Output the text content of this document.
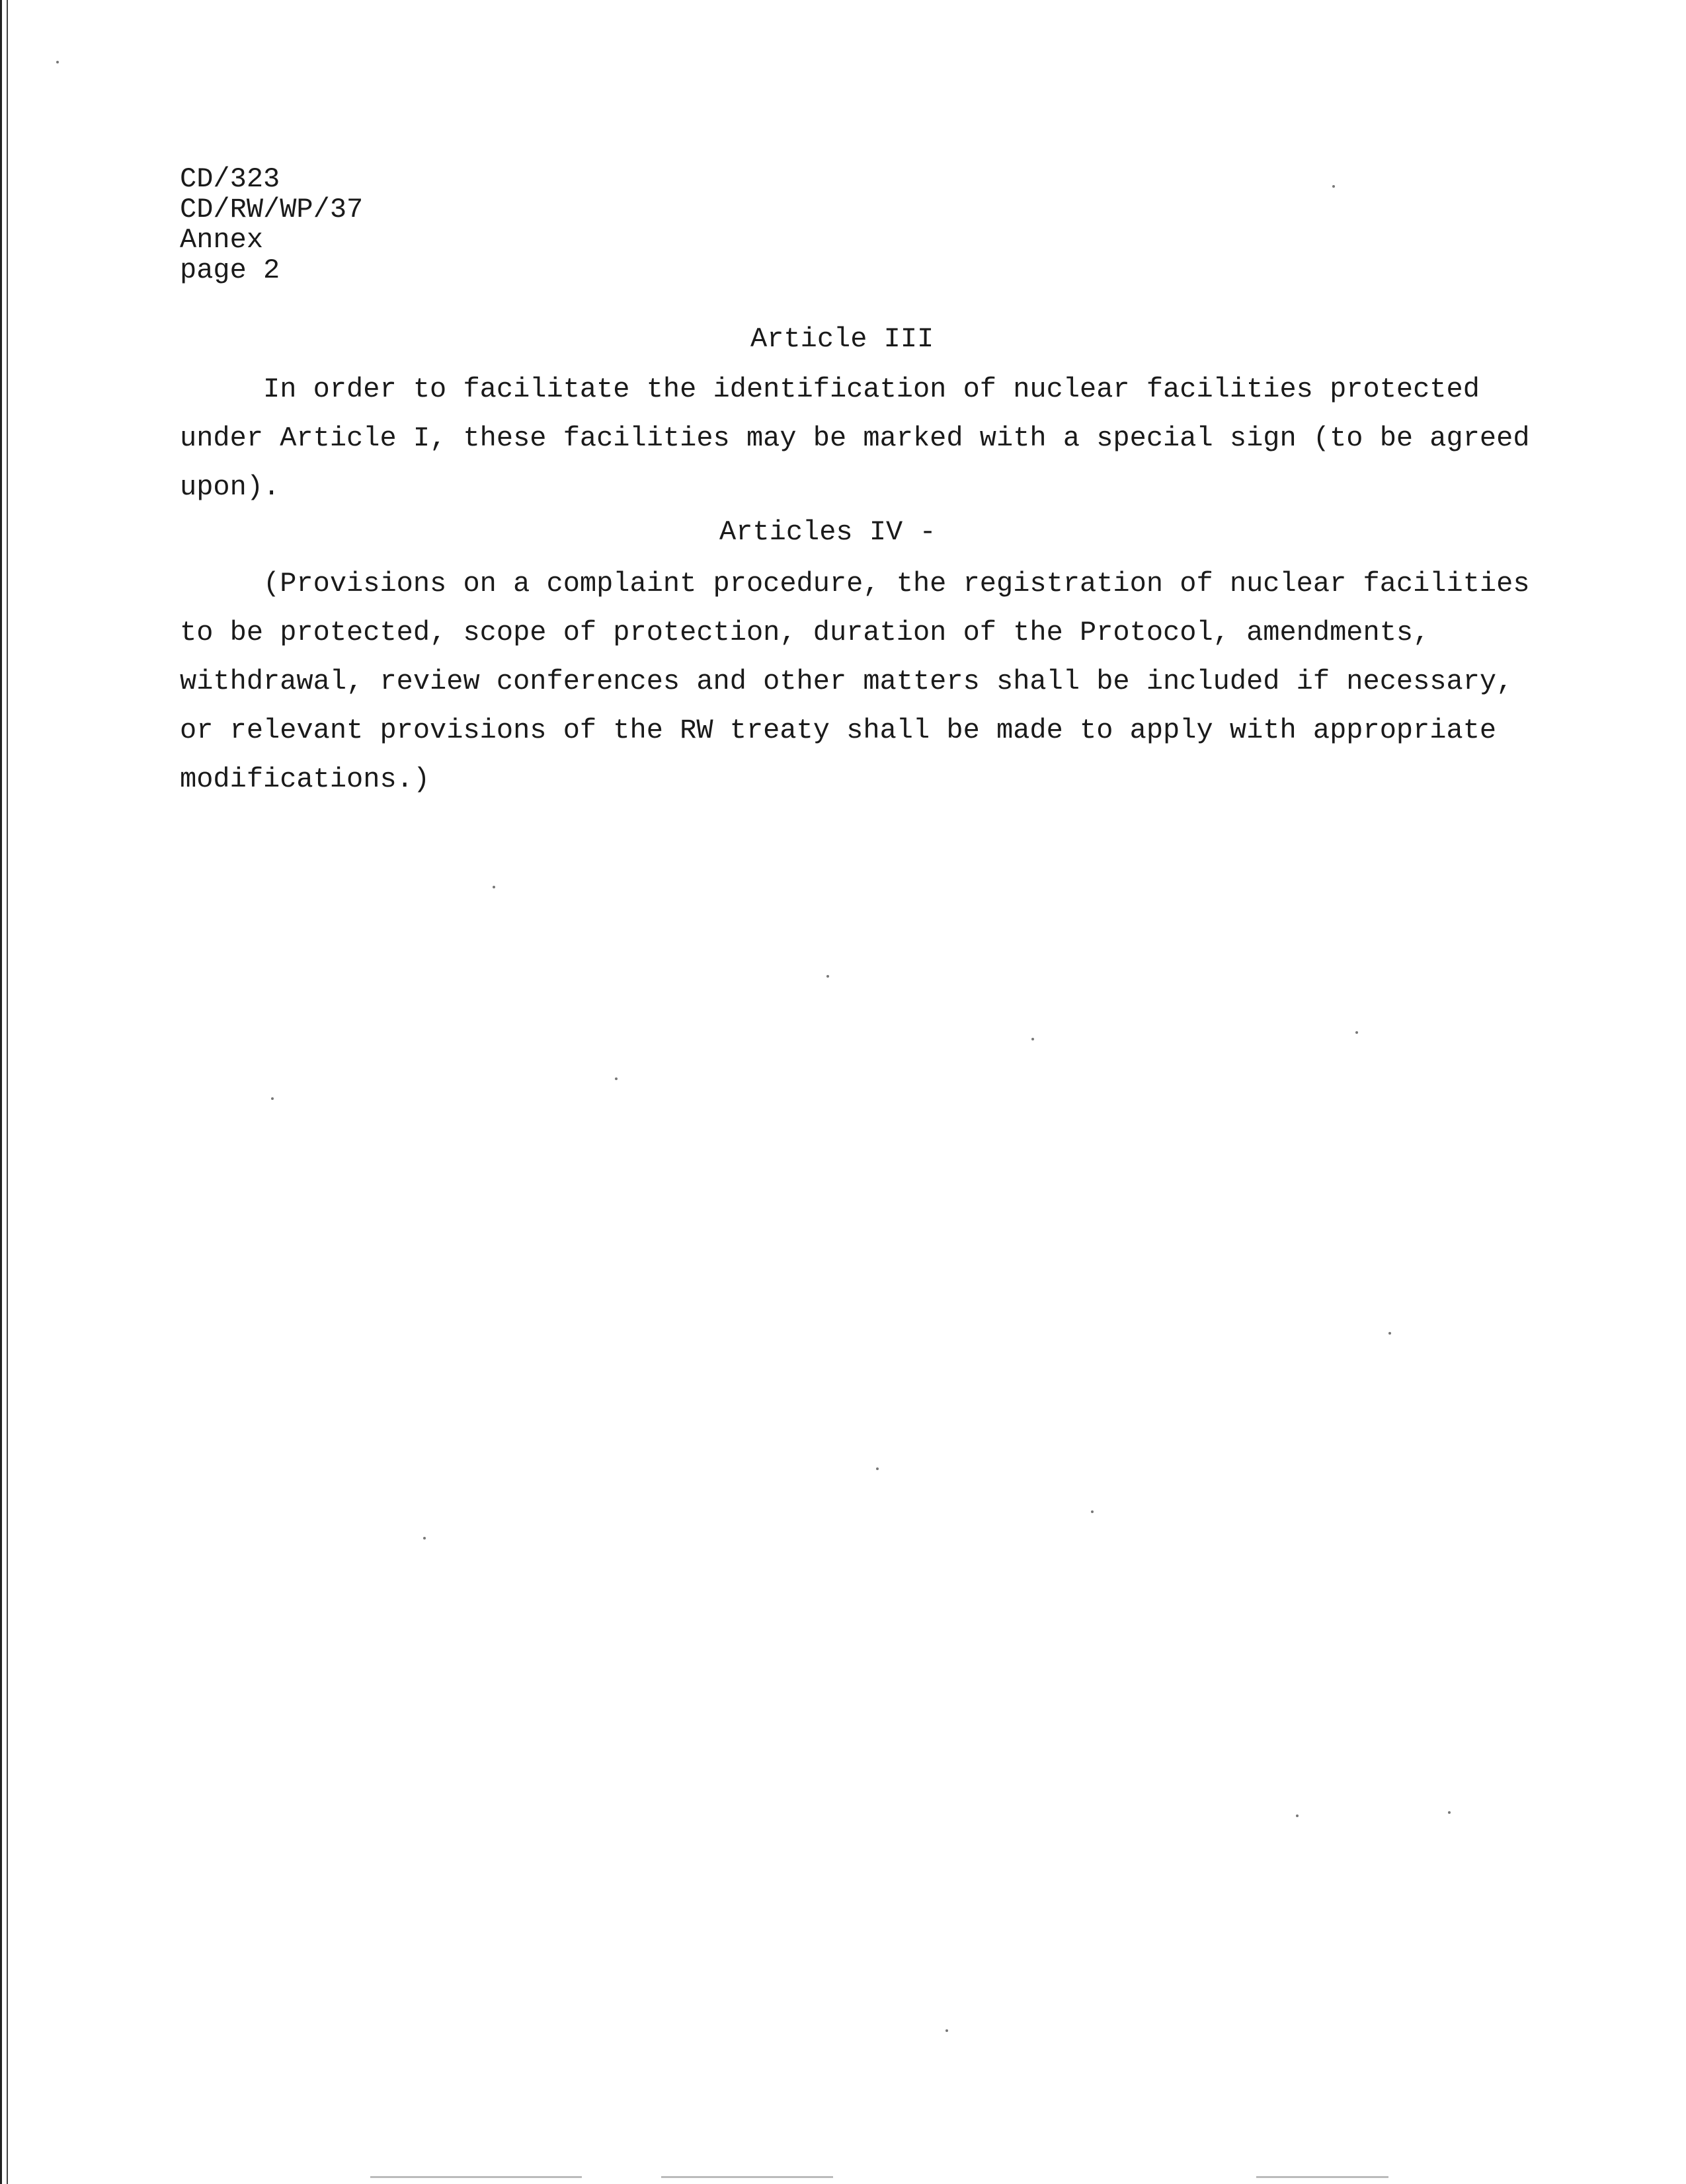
CD/323
CD/RW/WP/37
Annex
page 2
Article III
In order to facilitate the identification of nuclear facilities protected
under Article I, these facilities may be marked with a special sign (to be agreed
upon).
Articles IV -
(Provisions on a complaint procedure, the registration of nuclear facilities
to be protected, scope of protection, duration of the Protocol, amendments,
withdrawal, review conferences and other matters shall be included if necessary,
or relevant provisions of the RW treaty shall be made to apply with appropriate
modifications.)
